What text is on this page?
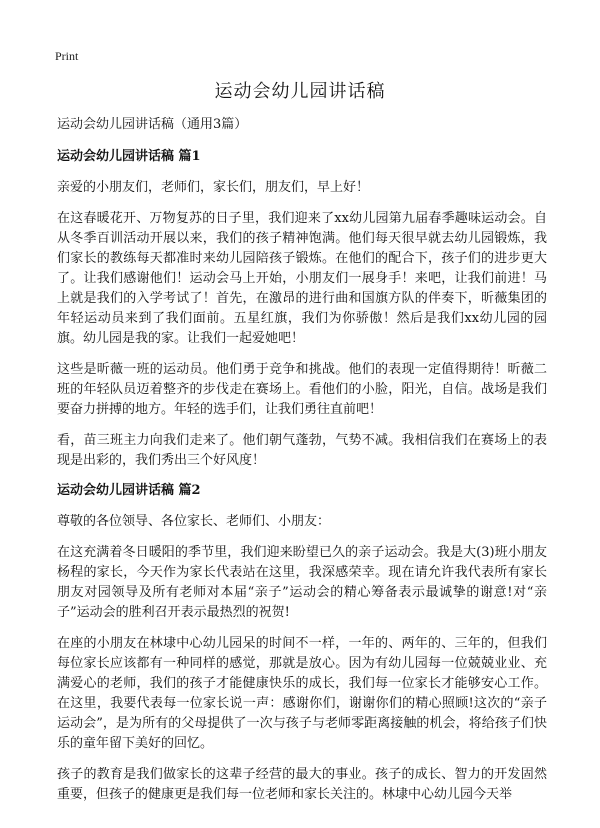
Print
运动会幼儿园讲话稿

运动会幼儿园讲话稿（通用3篇）

运动会幼儿园讲话稿 篇1

亲爱的小朋友们，老师们，家长们，朋友们，早上好！

在这春暖花开、万物复苏的日子里，我们迎来了xx幼儿园第九届春季趣味运动会。自从冬季百训活动开展以来，我们的孩子精神饱满。他们每天很早就去幼儿园锻炼，我们家长的教练每天都准时来幼儿园陪孩子锻炼。在他们的配合下，孩子们的进步更大了。让我们感谢他们！运动会马上开始，小朋友们一展身手！来吧，让我们前进！马上就是我们的入学考试了！首先，在激昂的进行曲和国旗方队的伴奏下，昕薇集团的年轻运动员来到了我们面前。五星红旗，我们为你骄傲！然后是我们xx幼儿园的园旗。幼儿园是我的家。让我们一起爱她吧！

这些是昕薇一班的运动员。他们勇于竞争和挑战。他们的表现一定值得期待！昕薇二班的年轻队员迈着整齐的步伐走在赛场上。看他们的小脸，阳光，自信。战场是我们要奋力拼搏的地方。年轻的选手们，让我们勇往直前吧！

看，苗三班主力向我们走来了。他们朝气蓬勃，气势不减。我相信我们在赛场上的表现是出彩的，我们秀出三个好风度！

运动会幼儿园讲话稿 篇2

尊敬的各位领导、各位家长、老师们、小朋友：

在这充满着冬日暖阳的季节里，我们迎来盼望已久的亲子运动会。我是大(3)班小朋友杨程的家长，今天作为家长代表站在这里，我深感荣幸。现在请允许我代表所有家长朋友对园领导及所有老师对本届“亲子”运动会的精心筹备表示最诚挚的谢意!对“亲子”运动会的胜利召开表示最热烈的祝贺!

在座的小朋友在林埭中心幼儿园呆的时间不一样，一年的、两年的、三年的，但我们每位家长应该都有一种同样的感觉，那就是放心。因为有幼儿园每一位兢兢业业、充满爱心的老师，我们的孩子才能健康快乐的成长，我们每一位家长才能够安心工作。在这里，我要代表每一位家长说一声：感谢你们，谢谢你们的精心照顾!这次的“亲子运动会”，是为所有的父母提供了一次与孩子与老师零距离接触的机会，将给孩子们快乐的童年留下美好的回忆。

孩子的教育是我们做家长的这辈子经营的最大的事业。孩子的成长、智力的开发固然重要，但孩子的健康更是我们每一位老师和家长关注的。林埭中心幼儿园今天举
